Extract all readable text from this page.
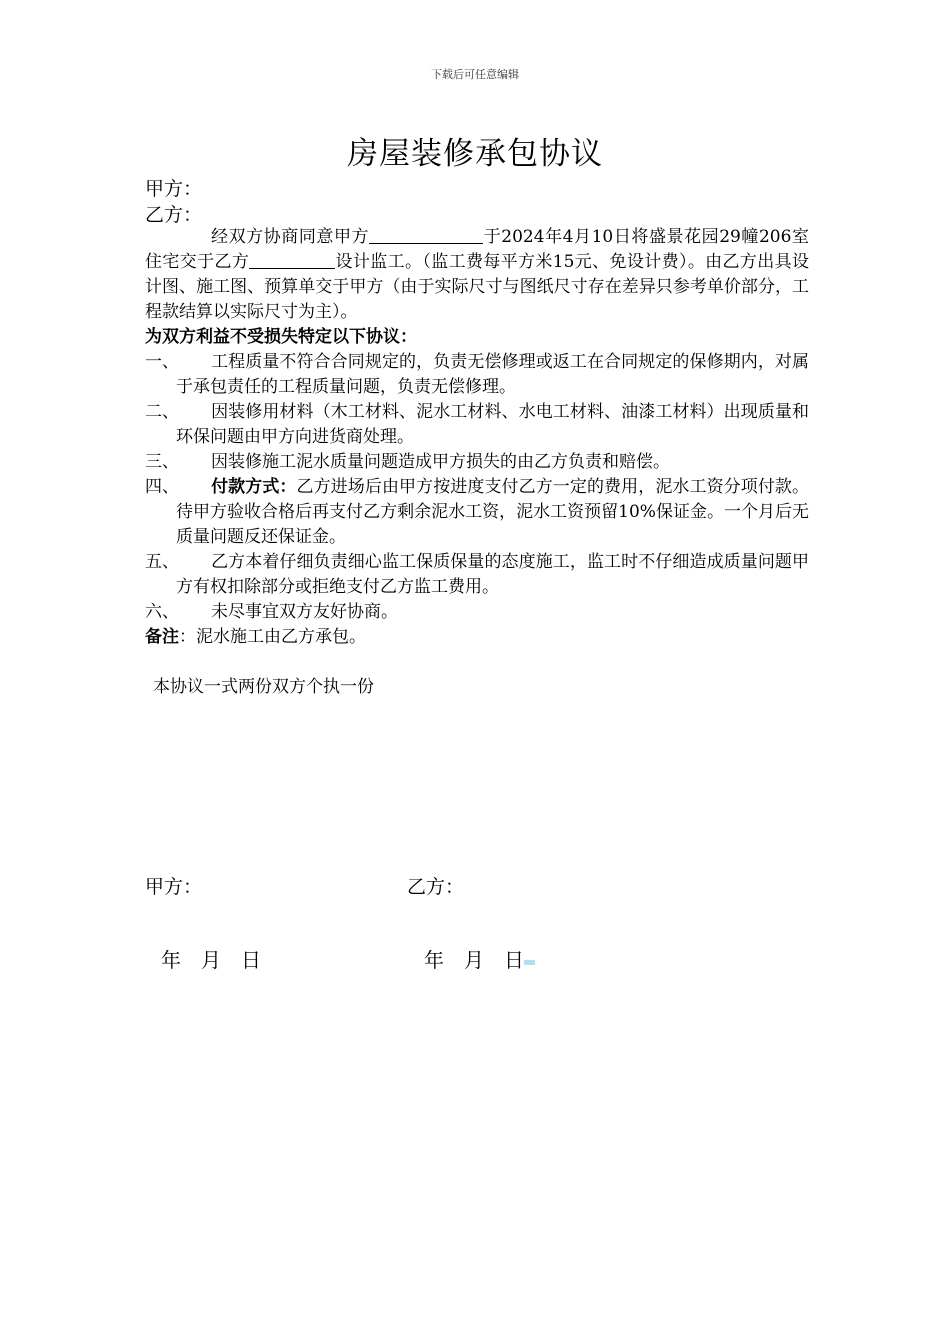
下载后可任意编辑
房屋装修承包协议
甲方：
乙方：
经双方协商同意甲方	于2024年4月10日将盛景花园29幢206室住宅交于乙方	设计监工。（监工费每平方米15元、免设计费）。由乙方出具设计图、施工图、预算单交于甲方（由于实际尺寸与图纸尺寸存在差异只参考单价部分，工程款结算以实际尺寸为主）。
为双方利益不受损失特定以下协议：
一、	工程质量不符合合同规定的，负责无偿修理或返工在合同规定的保修期内，对属于承包责任的工程质量问题，负责无偿修理。
二、	因装修用材料（木工材料、泥水工材料、水电工材料、油漆工材料）出现质量和环保问题由甲方向进货商处理。
三、	因装修施工泥水质量问题造成甲方损失的由乙方负责和赔偿。
四、	付款方式：乙方进场后由甲方按进度支付乙方一定的费用，泥水工资分项付款。待甲方验收合格后再支付乙方剩余泥水工资，泥水工资预留10%保证金。一个月后无质量问题反还保证金。
五、	乙方本着仔细负责细心监工保质保量的态度施工，监工时不仔细造成质量问题甲方有权扣除部分或拒绝支付乙方监工费用。
六、	未尽事宜双方友好协商。
备注：泥水施工由乙方承包。
本协议一式两份双方个执一份
甲方：	乙方：
年 月 日	年 月 日
